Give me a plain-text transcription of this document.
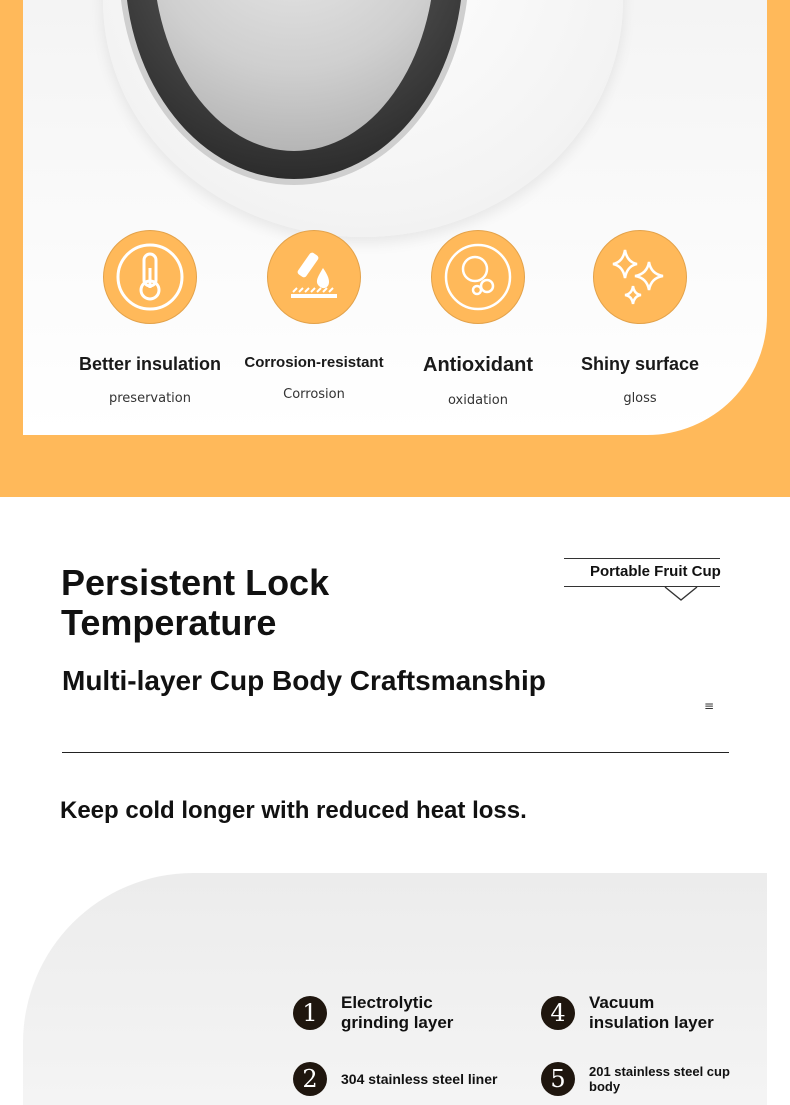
Better insulation
preservation
Corrosion-resistant
Corrosion
Antioxidant
oxidation
Shiny surface
gloss
Persistent Lock Temperature
Portable Fruit Cup
Multi-layer Cup Body Craftsmanship
≡

Keep cold longer with reduced heat loss.

1	Electrolytic grinding layer	4	Vacuum insulation layer
2	304 stainless steel liner	5	201 stainless steel cup body
